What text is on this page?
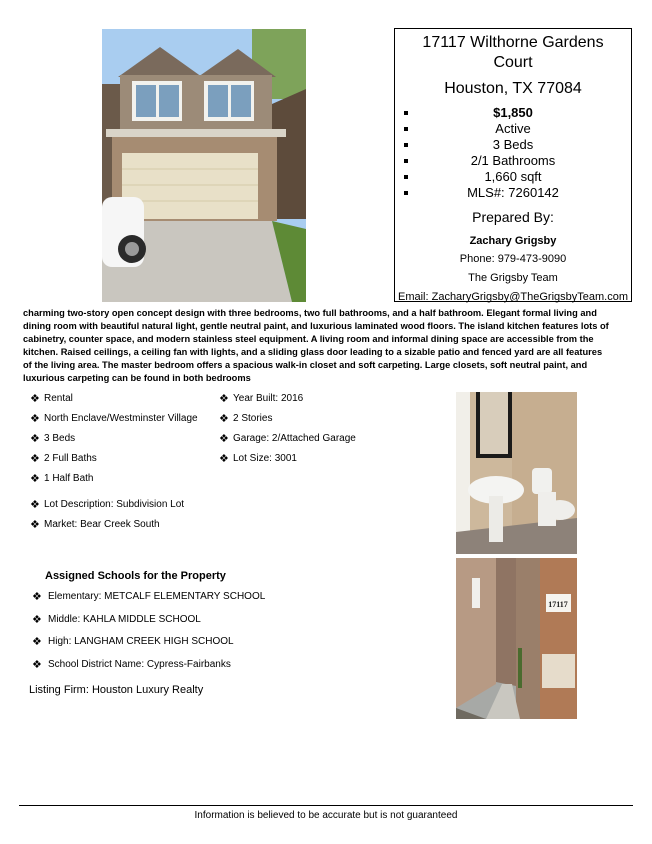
17117 Wilthorne Gardens
Court
Houston, TX 77084
$1,850
Active
3 Beds
2/1 Bathrooms
1,660 sqft
MLS#: 7260142
Prepared By:
Zachary Grigsby
Phone: 979-473-9090
The Grigsby Team
Email: ZacharyGrigsby@TheGrigsbyTeam.com
charming two-story open concept design with three bedrooms, two full bathrooms, and a half bathroom. Elegant formal living and dining room with beautiful natural light, gentle neutral paint, and luxurious laminated wood floors. The island kitchen features lots of cabinetry, counter space, and modern stainless steel equipment. A living room and informal dining space are accessible from the kitchen. Raised ceilings, a ceiling fan with lights, and a sliding glass door leading to a sizable patio and fenced yard are all features of the living area. The master bedroom offers a spacious walk-in closet and soft carpeting. Large closets, soft neutral paint, and luxurious carpeting can be found in both bedrooms
❖ Rental
❖ North Enclave/Westminster Village
❖ 3 Beds
❖ 2 Full Baths
❖ 1 Half Bath
❖ Year Built: 2016
❖ 2 Stories
❖ Garage: 2/Attached Garage
❖ Lot Size: 3001
❖ Lot Description: Subdivision Lot
❖ Market: Bear Creek South
Assigned Schools for the Property
❖ Elementary: METCALF ELEMENTARY SCHOOL
❖ Middle: KAHLA MIDDLE SCHOOL
❖ High: LANGHAM CREEK HIGH SCHOOL
❖ School District Name: Cypress-Fairbanks
Listing Firm: Houston Luxury Realty
17117
Information is believed to be accurate but is not guaranteed
